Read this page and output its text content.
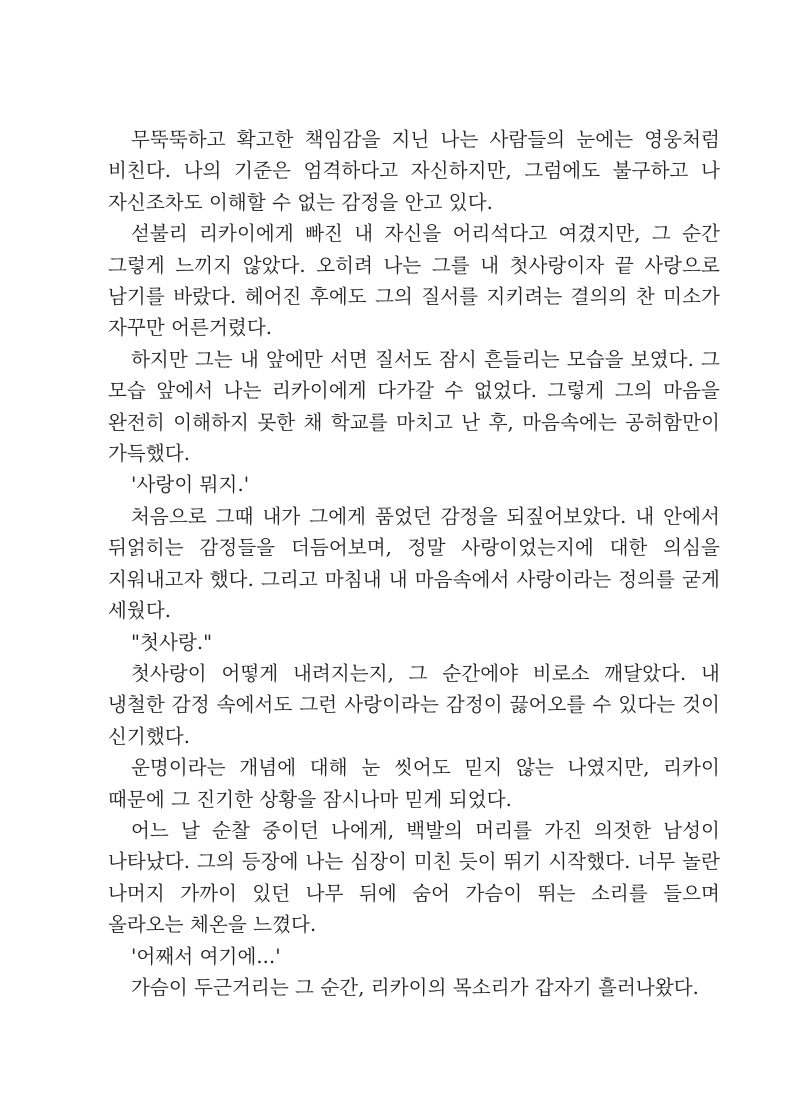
무뚝뚝하고 확고한 책임감을 지닌 나는 사람들의 눈에는 영웅처럼 비친다. 나의 기준은 엄격하다고 자신하지만, 그럼에도 불구하고 나 자신조차도 이해할 수 없는 감정을 안고 있다.

섣불리 리카이에게 빠진 내 자신을 어리석다고 여겼지만, 그 순간 그렇게 느끼지 않았다. 오히려 나는 그를 내 첫사랑이자 끝 사랑으로 남기를 바랐다. 헤어진 후에도 그의 질서를 지키려는 결의의 찬 미소가 자꾸만 어른거렸다.

하지만 그는 내 앞에만 서면 질서도 잠시 흔들리는 모습을 보였다. 그 모습 앞에서 나는 리카이에게 다가갈 수 없었다. 그렇게 그의 마음을 완전히 이해하지 못한 채 학교를 마치고 난 후, 마음속에는 공허함만이 가득했다.

'사랑이 뭐지.'

처음으로 그때 내가 그에게 품었던 감정을 되짚어보았다. 내 안에서 뒤얽히는 감정들을 더듬어보며, 정말 사랑이었는지에 대한 의심을 지워내고자 했다. 그리고 마침내 내 마음속에서 사랑이라는 정의를 굳게 세웠다.

"첫사랑."

첫사랑이 어떻게 내려지는지, 그 순간에야 비로소 깨달았다. 내 냉철한 감정 속에서도 그런 사랑이라는 감정이 끓어오를 수 있다는 것이 신기했다.

운명이라는 개념에 대해 눈 씻어도 믿지 않는 나였지만, 리카이 때문에 그 진기한 상황을 잠시나마 믿게 되었다.

어느 날 순찰 중이던 나에게, 백발의 머리를 가진 의젓한 남성이 나타났다. 그의 등장에 나는 심장이 미친 듯이 뛰기 시작했다. 너무 놀란 나머지 가까이 있던 나무 뒤에 숨어 가슴이 뛰는 소리를 들으며 올라오는 체온을 느꼈다.

'어째서 여기에...'

가슴이 두근거리는 그 순간, 리카이의 목소리가 갑자기 흘러나왔다.
